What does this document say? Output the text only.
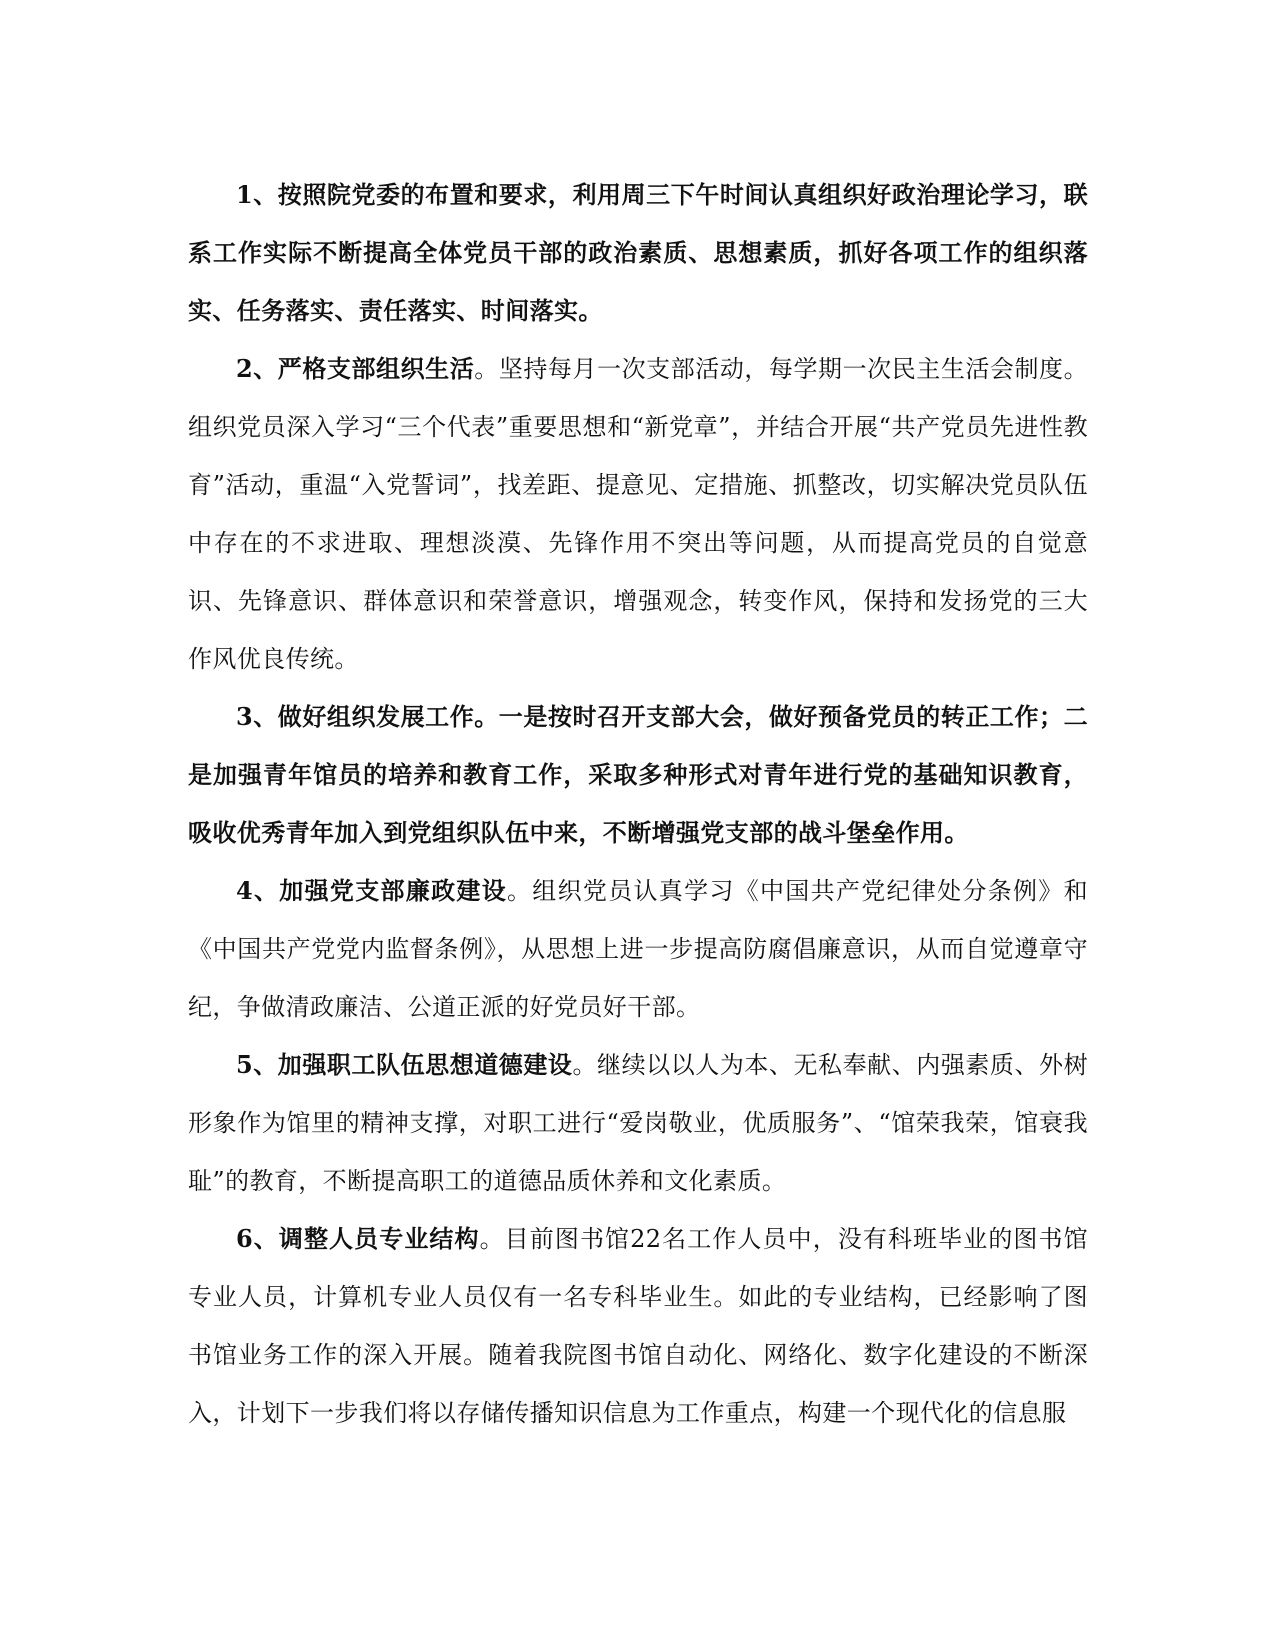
1、按照院党委的布置和要求，利用周三下午时间认真组织好政治理论学习，联系工作实际不断提高全体党员干部的政治素质、思想素质，抓好各项工作的组织落实、任务落实、责任落实、时间落实。

2、严格支部组织生活。坚持每月一次支部活动，每学期一次民主生活会制度。组织党员深入学习“三个代表”重要思想和“新党章”，并结合开展“共产党员先进性教育”活动，重温“入党誓词”，找差距、提意见、定措施、抓整改，切实解决党员队伍中存在的不求进取、理想淡漠、先锋作用不突出等问题，从而提高党员的自觉意识、先锋意识、群体意识和荣誉意识，增强观念，转变作风，保持和发扬党的三大作风优良传统。

3、做好组织发展工作。一是按时召开支部大会，做好预备党员的转正工作；二是加强青年馆员的培养和教育工作，采取多种形式对青年进行党的基础知识教育，吸收优秀青年加入到党组织队伍中来，不断增强党支部的战斗堡垒作用。

4、加强党支部廉政建设。组织党员认真学习《中国共产党纪律处分条例》和《中国共产党党内监督条例》，从思想上进一步提高防腐倡廉意识，从而自觉遵章守纪，争做清政廉洁、公道正派的好党员好干部。

5、加强职工队伍思想道德建设。继续以以人为本、无私奉献、内强素质、外树形象作为馆里的精神支撑，对职工进行“爱岗敬业，优质服务”、“馆荣我荣，馆衰我耻”的教育，不断提高职工的道德品质休养和文化素质。

6、调整人员专业结构。目前图书馆22名工作人员中，没有科班毕业的图书馆专业人员，计算机专业人员仅有一名专科毕业生。如此的专业结构，已经影响了图书馆业务工作的深入开展。随着我院图书馆自动化、网络化、数字化建设的不断深入，计划下一步我们将以存储传播知识信息为工作重点，构建一个现代化的信息服
